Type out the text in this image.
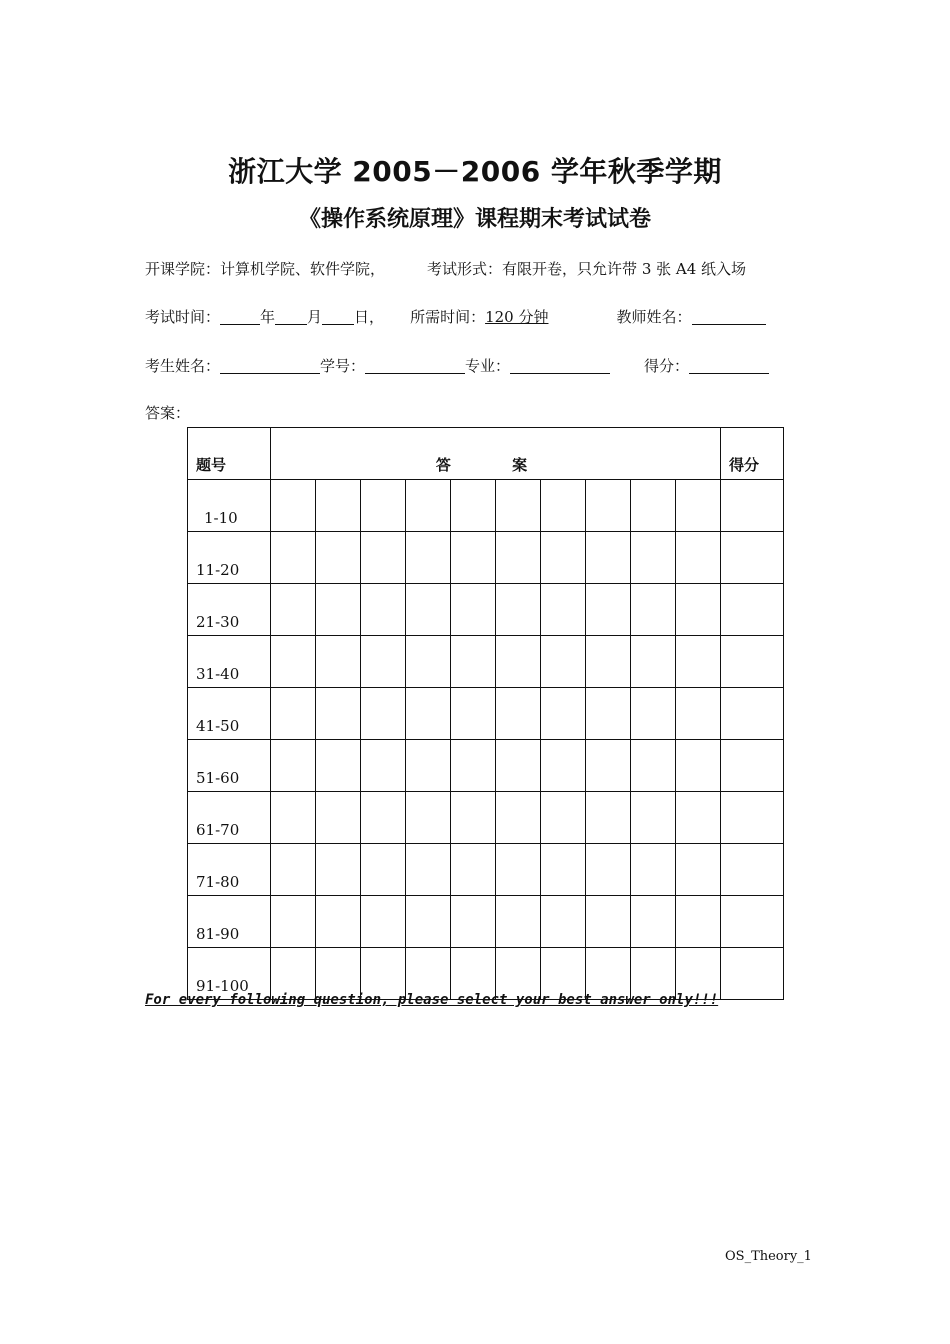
浙江大学 2005－2006 学年秋季学期
《操作系统原理》课程期末考试试卷
开课学院：计算机学院、软件学院，	考试形式：有限开卷，只允许带 3 张 A4 纸入场
考试时间：	年 月 日， 所需时间：120 分钟	教师姓名：
考生姓名：	学号：	专业：	得分：
答案：
题号	答 案										得分
1-10											
11-20											
21-30											
31-40											
41-50											
51-60											
61-70											
71-80											
81-90											
91-100											
For every following question, please select your best answer only!!!
OS_Theory_1
